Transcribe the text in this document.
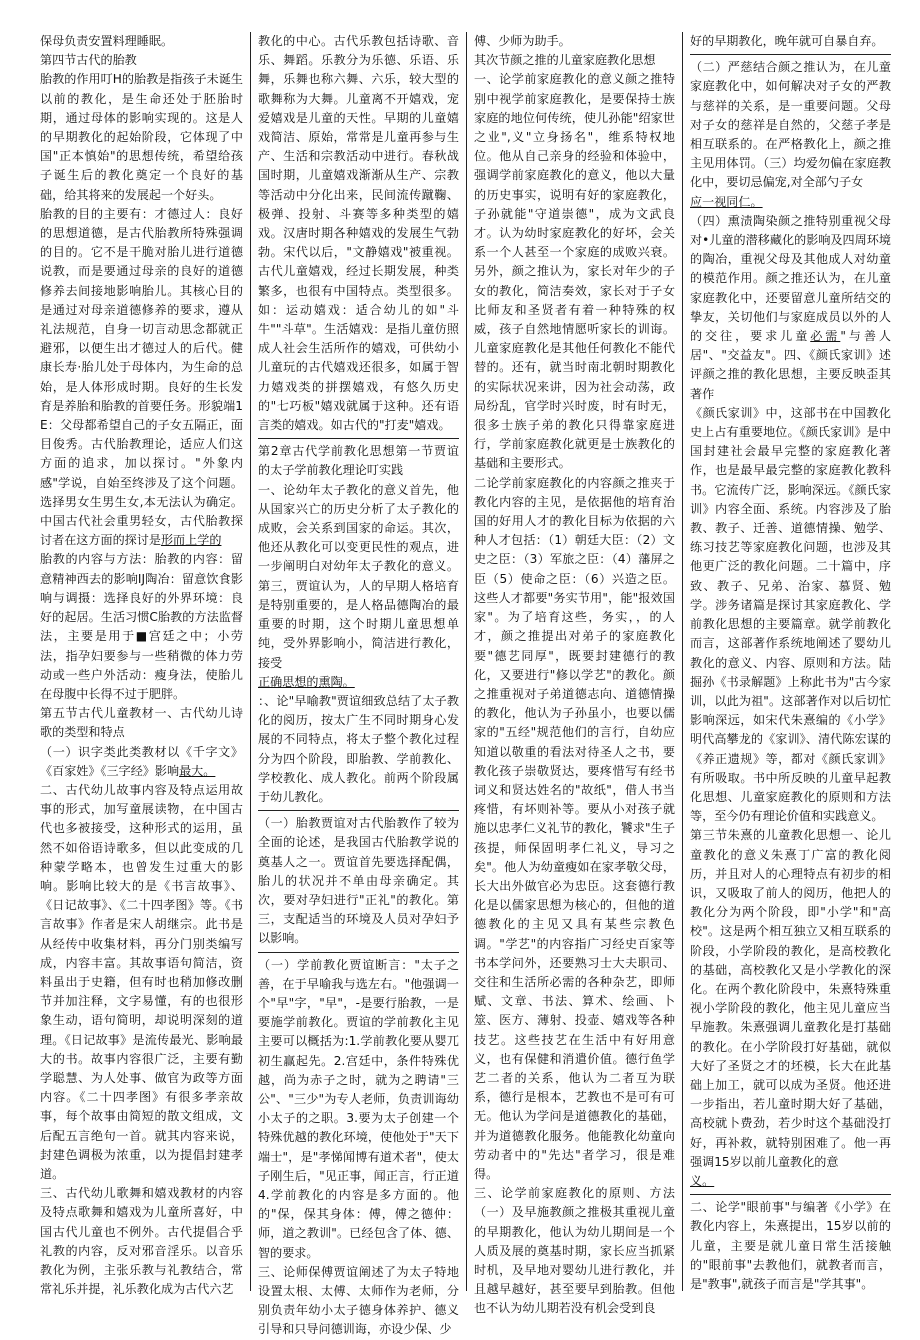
保母负责安置料理睡眠。

第四节古代的胎教

胎教的作用叮H的胎教是指孩子未诞生以前的教化，是生命还处于胚胎时期，通过母体的影响实现的。这是人的早期教化的起始阶段，它体现了中国"正本慎始"的思想传统，希望给孩子诞生后的教化奠定一个良好的基础，给其将来的发展起一个好头。

胎教的目的主要有：才德过人：良好的思想道德，是古代胎教所特殊强调的目的。它不是干脆对胎儿进行道德说教，而是要通过母亲的良好的道德修养去间接地影响胎儿。其核心目的是通过对母亲道德修养的要求，遵从礼法规范，自身一切言动思念都就正避邪，以便生出才德过人的后代。健康长寿·胎儿处于母体内，为生命的总始，是人体形成时期。良好的生长发育是养胎和胎教的首要任务。形貌端1E：父母都希望自己的子女五隔正，面目俊秀。古代胎教理论，适应人们这方面的追求，加以探讨。"外象内感"学说，自始至终涉及了这个问题。选择男女生男生女,本无法认为确定。中国古代社会重男轻女，古代胎教探讨者在这方面的探讨是形而上学的

胎教的内容与方法：胎教的内容：留意精神西去的影响IJ陶冶：留意饮食影响与调摄：选择良好的外界环境：良好的起居。生活习惯C胎教的方法监督法，主要是用于■宫廷之中；小劳法，指孕妇要参与一些稍微的体力劳动或一些户外活动：瘦身法，使胎儿在母腹中长得不过于肥胖。

第五节古代儿童教材一、古代幼儿诗歌的类型和特点

（一）识字类此类教材以《千字文》《百家姓》《三字经》影响最大。

二、古代幼儿故事内容及特点运用故事的形式，加写童展读物，在中国古代也多被接受，这种形式的运用，虽然不如俗语诗歌多，但以此变成的几种蒙学略本，也曾发生过重大的影响。影响比较大的是《书言故事》、《日记故事》、《二十四孝图》等。《书言故事》作者是宋人胡继宗。此书是从经传中收集材料，再分门别类编写成，内容丰富。其故事语句简洁，资料虽出于史籍，但有时也稍加修改删节并加注释，文字易懂，有的也很形象生动，语句简明，却说明深刻的道理。《日记故事》是流传最光、影响最大的书。故事内容很广泛，主要有勤学聪慧、为人处事、做官为政等方面内容。《二十四孝图》有很多孝亲故事，每个故事由简短的散文组成，文后配五言绝句一首。就其内容来说，封建色调极为浓重，以为提倡封建孝道。

三、古代幼儿歌舞和嬉戏教材的内容及特点歌舞和嬉戏为儿童所喜好，中国古代儿童也不例外。古代提倡合乎礼教的内容，反对邪音淫乐。以音乐教化为例，主张乐教与礼教结合，常常礼乐并提，礼乐教化成为古代六艺

教化的中心。古代乐教包括诗歌、音乐、舞蹈。乐教分为乐德、乐语、乐舞，乐舞也称六舞、六乐，较大型的歌舞称为大舞。儿童离不开嬉戏，宠爱嬉戏是儿童的天性。早期的儿童嬉戏简洁、原始，常常是儿童再参与生产、生活和宗教活动中进行。春秋战国时期，儿童嬉戏渐渐从生产、宗教等活动中分化出来，民间流传蹴鞠、极弹、投射、斗赛等多种类型的嬉戏。汉唐时期各种嬉戏的发展生气勃勃。宋代以后，"文静嬉戏"被重视。古代儿童嬉戏，经过长期发展，种类繁多，也很有中国特点。类型很多。如：运动嬉戏：适合幼儿的如"斗牛""斗草"。生活嬉戏：是指儿童仿照成人社会生活所作的嬉戏，可供幼小儿童玩的古代嬉戏还很多，如属于智力嬉戏类的拼摆嬉戏，有悠久历史的"七巧板"嬉戏就属于这种。还有语言类的嬉戏。如古代的"打麦"嬉戏。

第2章古代学前教化思想第一节贾谊的太子学前教化理论叮实践

一、论幼年太子教化的意义首先，他从国家兴亡的历史分析了太子教化的成败，会关系到国家的命运。其次，他还从教化可以变更民性的观点，进一步阐明白对幼年太子教化的意义。第三，贾谊认为，人的早期人格培育是特别重要的，是人格品德陶冶的最重要的时期，这个时期儿童思想单纯，受外界影响小，简洁进行教化，接受

正确思想的熏陶。

：、论"早喻教"贾谊细致总结了太子教化的阅历，按太广生不同时期身心发展的不同特点，将太子整个教化过程分为四个阶段，即胎教、学前教化、学校教化、成人教化。前两个阶段属于幼儿教化。

（一）胎教贾谊对古代胎教作了较为全面的论述，是我国古代胎教学说的奠基人之一。贾谊首先要选择配偶，胎儿的状况并不单由母亲确定。其次，要对孕妇进行"正礼"的教化。第三，支配适当的环境及人员对孕妇予以影响。

（一）学前教化贾谊断言："太子之善，在于早喻我与选左右。"他强调一个"早"字，"早"，-是要行胎教，一是要施学前教化。贾谊的学前教化主见主要可以概括为:1.学前教化要从婴兀初生赢起先。2.宫廷中，条件特殊优越，尚为赤子之时，就为之聘请"三公"、"三少"为专人老师，负责训诲幼小太子的之职。3.要为太子创建一个特殊优越的教化环境，使他处于"天下端士"，是"孝悌闻博有道术者"，使太子刚生后，"见正事，闻正言，行正道4.学前教化的内容是多方面的。他的"保，保其身体：傅，傅之德仲：师，道之教训"。已经包含了体、德、智的要求。

三、论师保傅贾谊阐述了为太子特地设置太根、太傅、太师作为老师，分别负责年幼小太子德身体养护、德义引导和只导问德训诲，亦设少保、少

傅、少师为助手。

其次节颜之推的儿童家庭教化思想

一、论学前家庭教化的意义颜之推特别中视学前家庭教化，是要保持士族家庭的地位何传统，使儿孙能"绍家世之业",义"立身扬名"，维系特权地位。他从自己亲身的经验和体验中，强调学前家庭教化的意义，他以大量的历史事实，说明有好的家庭教化，子孙就能"守道崇德"，成为文武良才。认为幼时家庭教化的好坏，会关系一个人甚至一个家庭的成败兴衰。另外，颜之推认为，家长对年少的子女的教化，简洁奏效，家长对于子女比师友和圣贤者有着一种特殊的权威，孩子自然地情愿听家长的训诲。儿童家庭教化是其他任何教化不能代替的。还有，就当时南北朝时期教化的实际状况来讲，因为社会动荡，政局纷乱，官学时兴时废，时有时无，很多士族子弟的教化只得靠家庭进行，学前家庭教化就更是士族教化的基础和主要形式。

二论学前家庭教化的内容颜之推夹于教化内容的主见，是依据他的培育治国的好用人才的教化目标为依据的六种人才包括：（1）朝廷大臣：（2）文史之臣：（3）军旅之臣：（4）藩屏之臣（5）使命之臣：（6）兴造之臣。这些人才都要"务实节用"，能"报效国家"。为了培育这些，务实，，的人才，颜之推提出对弟子的家庭教化要"德艺同厚"，既要封建德行的教化，又要进行"修以学艺"的教化。颜之推重视对子弟道德志向、道德情操的教化，他认为子孙虽小，也要以儒家的"五经"规范他们的言行，自幼应知道以敬重的看法对待圣人之书，要教化孩子崇敬贤达，要疼惜写有经书词义和贤达姓名的"故纸"，借人书当疼惜，有坏则补等。要从小对孩子就施以忠孝仁义礼节的教化，饕求"生子孩提，师保固明孝仁礼义，导习之矣"。他人为幼童瘦如在家孝敬父母，长大出外做官必为忠臣。这套德行教化是以儒家思想为核心的，但他的道德教化的主见又具有某些宗教色调。"学艺"的内容指广习经史百家等书本学问外，还要熟习士大夫职司、交往和生活所必需的各种杂艺，即师赋、文章、书法、算术、绘画、卜筮、医方、薄射、投壶、嬉戏等各种技艺。这些技艺在生活中有好用意义，也有保健和消遣价值。德行鱼学艺二者的关系，他认为二者互为联系，德行是根本，艺教也不是可有可无。他认为学问是道德教化的基础，并为道德教化服务。他能教化幼童向劳动者中的"先达"者学习，很是难得。

三、论学前家庭教化的原则、方法（一）及早施教颜之推极其重视儿童的早期教化，他认为幼儿期间是一个人质及展的奠基时期，家长应当抓紧时机，及早地对婴幼儿进行教化，并且越早越好，甚至要早到胎教。但他也不认为幼儿期若没有机会受到良

好的早期教化，晚年就可自暴自弃。

（二）严慈结合颜之推认为，在儿童家庭教化中，如何解决对子女的严教与慈祥的关系，是一重要问题。父母对子女的慈祥是自然的，父慈子孝是相互联系的。在严格教化上，颜之推主见用体罚。（三）均爱勿偏在家庭教化中，要切忌偏宠,对全部勺子女

应一视同仁。

（四）熏渍陶染颜之推特别重视父母对•儿童的潜移藏化的影响及四周环境的陶冶，重视父母及其他成人对幼童的模范作用。颜之推还认为，在儿童家庭教化中，还要留意儿童所结交的挚友，关切他们与家庭成员以外的人的交往，要求儿童必需"与善人居"、"交益友"。四、《颜氏家训》述评颜之推的教化思想，主要反映歪其著作

《颜氏家训》中，这部书在中国教化史上占有重要地位。《颜氏家训》是中国封建社会最早完整的家庭教化著作，也是最早最完整的家庭教化教科书。它流传广泛，影响深远。《颜氏家训》内容全面、系统。内容涉及了胎教、教子、迁善、道德情操、勉学、练习技艺等家庭教化问题，也涉及其他更广泛的教化问题。二十篇中，序致、教子、兄弟、治家、慕贤、勉学。涉务诸篇是探讨其家庭教化、学前教化思想的主要篇章。就学前教化而言，这部著作系统地阐述了婴幼儿教化的意义、内容、原则和方法。陆掘孙《书录解题》上称此书为"古今家训，以此为祖"。这部著作对以后切忙影响深远，如宋代朱熹编的《小学》明代高攀龙的《家训》、清代陈宏谋的《养正遗规》等，都对《颜氏家训》有所吸取。书中所反映的儿童早起教化思想、儿童家庭教化的原则和方法等，至今仍有理论价值和实践意义。

第三节朱熹的儿童教化思想一、论儿童教化的意义朱熹丁广富的教化阅历，并且对人的心理特点有初步的相识，又吸取了前人的阅历，他把人的教化分为两个阶段，即"小学"和"高校"。这是两个相互独立又相互联系的阶段，小学阶段的教化，是高校教化的基础，高校教化又是小学教化的深化。在两个教化阶段中，朱熹特殊重视小学阶段的教化，他主见儿童应当早施教。朱熹强调儿童教化是打基础的教化。在小学阶段打好基础，就似大好了圣贤之才的坯模，长大在此基础上加工，就可以成为圣贤。他还进一步指出，若儿童时期大好了基础，高校就卜费劲，若少时这个基础没打好，再补救，就特别困难了。他一再强调15岁以前儿童教化的意

义。

二、论学"眼前事"与编著《小学》在教化内容上，朱熹提出，15岁以前的儿童，主要是就儿童日常生活接触的"眼前事"去教他们，就教者而言，是"教事",就孩子而言是"学其事"。
